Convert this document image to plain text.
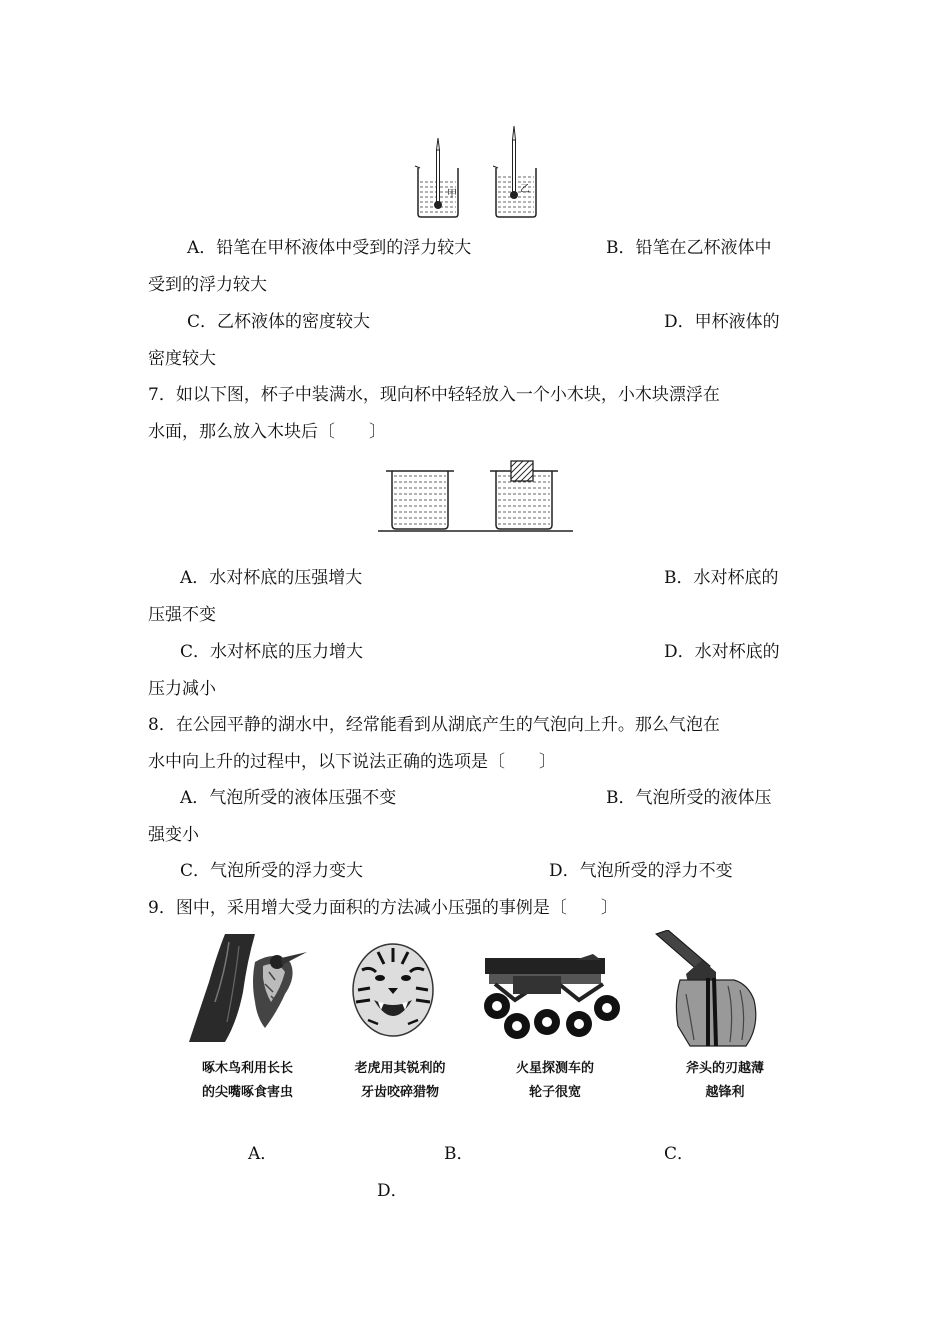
甲	乙
A．铅笔在甲杯液体中受到的浮力较大	B．铅笔在乙杯液体中
受到的浮力较大
C．乙杯液体的密度较大	D．甲杯液体的
密度较大
7．如以下图，杯子中装满水，现向杯中轻轻放入一个小木块，小木块漂浮在
水面，那么放入木块后〔　　〕
A．水对杯底的压强增大	B．水对杯底的
压强不变
C．水对杯底的压力增大	D．水对杯底的
压力减小
8．在公园平静的湖水中，经常能看到从湖底产生的气泡向上升。那么气泡在
水中向上升的过程中，以下说法正确的选项是〔　　〕
A．气泡所受的液体压强不变	B．气泡所受的液体压
强变小
C．气泡所受的浮力变大	D．气泡所受的浮力不变
9．图中，采用增大受力面积的方法减小压强的事例是〔　　〕
啄木鸟利用长长
的尖嘴啄食害虫
老虎用其锐利的
牙齿咬碎猎物
火星探测车的
轮子很宽
斧头的刃越薄
越锋利
A．	B．	C．
D．
